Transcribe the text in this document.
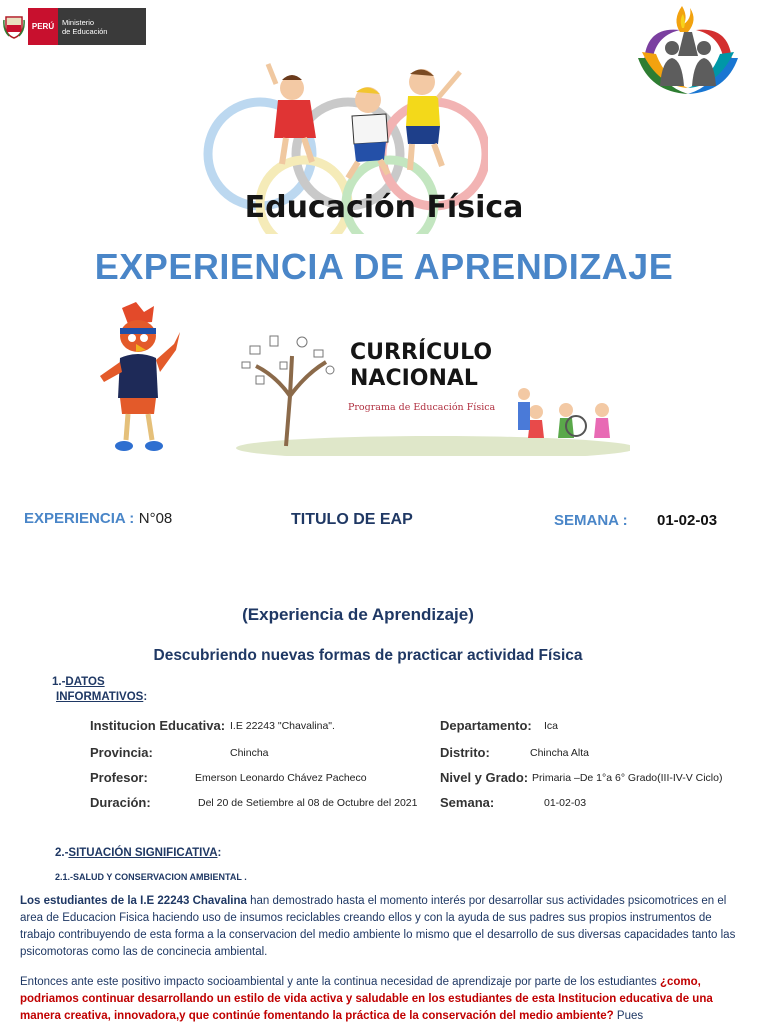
PERÚ	Ministerio
de Educación
Educación Física
EXPERIENCIA DE APRENDIZAJE
CURRÍCULO
NACIONAL
Programa de Educación Física
EXPERIENCIA : N°08	TITULO DE EAP	SEMANA : 01-02-03
(Experiencia de Aprendizaje)
Descubriendo nuevas formas de practicar actividad Física
1.-DATOS
INFORMATIVOS:
Institucion Educativa: I.E 22243 "Chavalina".	Departamento: Ica
Provincia:	Chincha	Distrito:	Chincha Alta
Profesor:	Emerson Leonardo Chávez Pacheco	Nivel y Grado: Primaria –De 1°a 6° Grado(III-IV-V Ciclo)
Duración:	Del 20 de Setiembre al 08 de Octubre del 2021 Semana:	01-02-03
2.-SITUACIÓN SIGNIFICATIVA:
2.1.-SALUD Y CONSERVACION AMBIENTAL .
Los estudiantes de la I.E 22243 Chavalina han demostrado hasta el momento interés por desarrollar sus actividades psicomotrices en el area de Educacion Fisica haciendo uso de insumos reciclables creando ellos y con la ayuda de sus padres sus propios instrumentos de trabajo contribuyendo de esta forma a la conservacion del medio ambiente lo mismo que el desarrollo de sus diversas capacidades tanto las psicomotoras como las de concinecia ambiental.
Entonces ante este positivo impacto socioambiental y ante la continua necesidad de aprendizaje por parte de los estudiantes ¿como, podriamos continuar desarrollando un estilo de vida activa y saludable en los estudiantes de esta Institucion educativa de una manera creativa, innovadora,y que continúe fomentando la práctica de la conservación del medio ambiente? Pues
